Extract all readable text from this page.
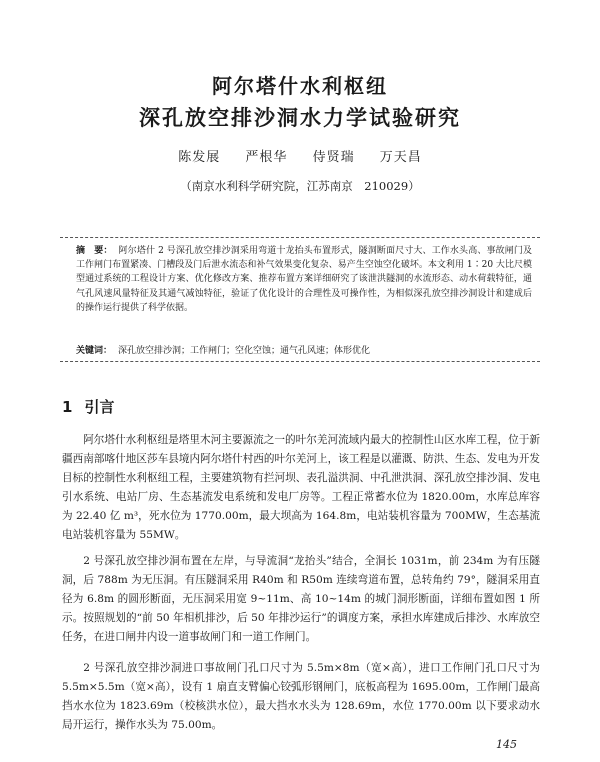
阿尔塔什水利枢纽
深孔放空排沙洞水力学试验研究
陈发展 严根华 侍贤瑞 万天昌
（南京水利科学研究院，江苏南京　210029）
摘　要： 阿尔塔什 2 号深孔放空排沙洞采用弯道十龙抬头布置形式，隧洞断面尺寸大、工作水头高、事故闸门及工作闸门布置紧凑、门槽段及门后泄水流态和补气效果变化复杂、易产生空蚀空化破坏。本文利用 1∶20 大比尺模型通过系统的工程设计方案、优化修改方案、推荐布置方案详细研究了该泄洪隧洞的水流形态、动水荷载特征，通气孔风速风量特征及其通气减蚀特征，验证了优化设计的合理性及可操作性，为相似深孔放空排沙洞设计和建成后的操作运行提供了科学依据。
关键词： 深孔放空排沙洞；工作闸门；空化空蚀；通气孔风速；体形优化
1 引言
阿尔塔什水利枢纽是塔里木河主要源流之一的叶尔羌河流域内最大的控制性山区水库工程，位于新疆西南部喀什地区莎车县境内阿尔塔什村西的叶尔羌河上，该工程是以灌溉、防洪、生态、发电为开发目标的控制性水利枢纽工程，主要建筑物有拦河坝、表孔溢洪洞、中孔泄洪洞、深孔放空排沙洞、发电引水系统、电站厂房、生态基流发电系统和发电厂房等。工程正常蓄水位为 1820.00m，水库总库容为 22.40 亿 m³，死水位为 1770.00m，最大坝高为 164.8m，电站装机容量为 700MW，生态基流电站装机容量为 55MW。
2 号深孔放空排沙洞布置在左岸，与导流洞“龙抬头”结合，全洞长 1031m，前 234m 为有压隧洞，后 788m 为无压洞。有压隧洞采用 R40m 和 R50m 连续弯道布置，总转角约 79°，隧洞采用直径为 6.8m 的圆形断面，无压洞采用宽 9~11m、高 10~14m 的城门洞形断面，详细布置如图 1 所示。按照规划的“前 50 年相机排沙，后 50 年排沙运行”的调度方案，承担水库建成后排沙、水库放空任务，在进口闸井内设一道事故闸门和一道工作闸门。
2 号深孔放空排沙洞进口事故闸门孔口尺寸为 5.5m×8m（宽×高），进口工作闸门孔口尺寸为 5.5m×5.5m（宽×高），设有 1 扇直支臂偏心铰弧形钢闸门，底板高程为 1695.00m，工作闸门最高挡水水位为 1823.69m（校核洪水位），最大挡水水头为 128.69m，水位 1770.00m 以下要求动水局开运行，操作水头为 75.00m。
145
